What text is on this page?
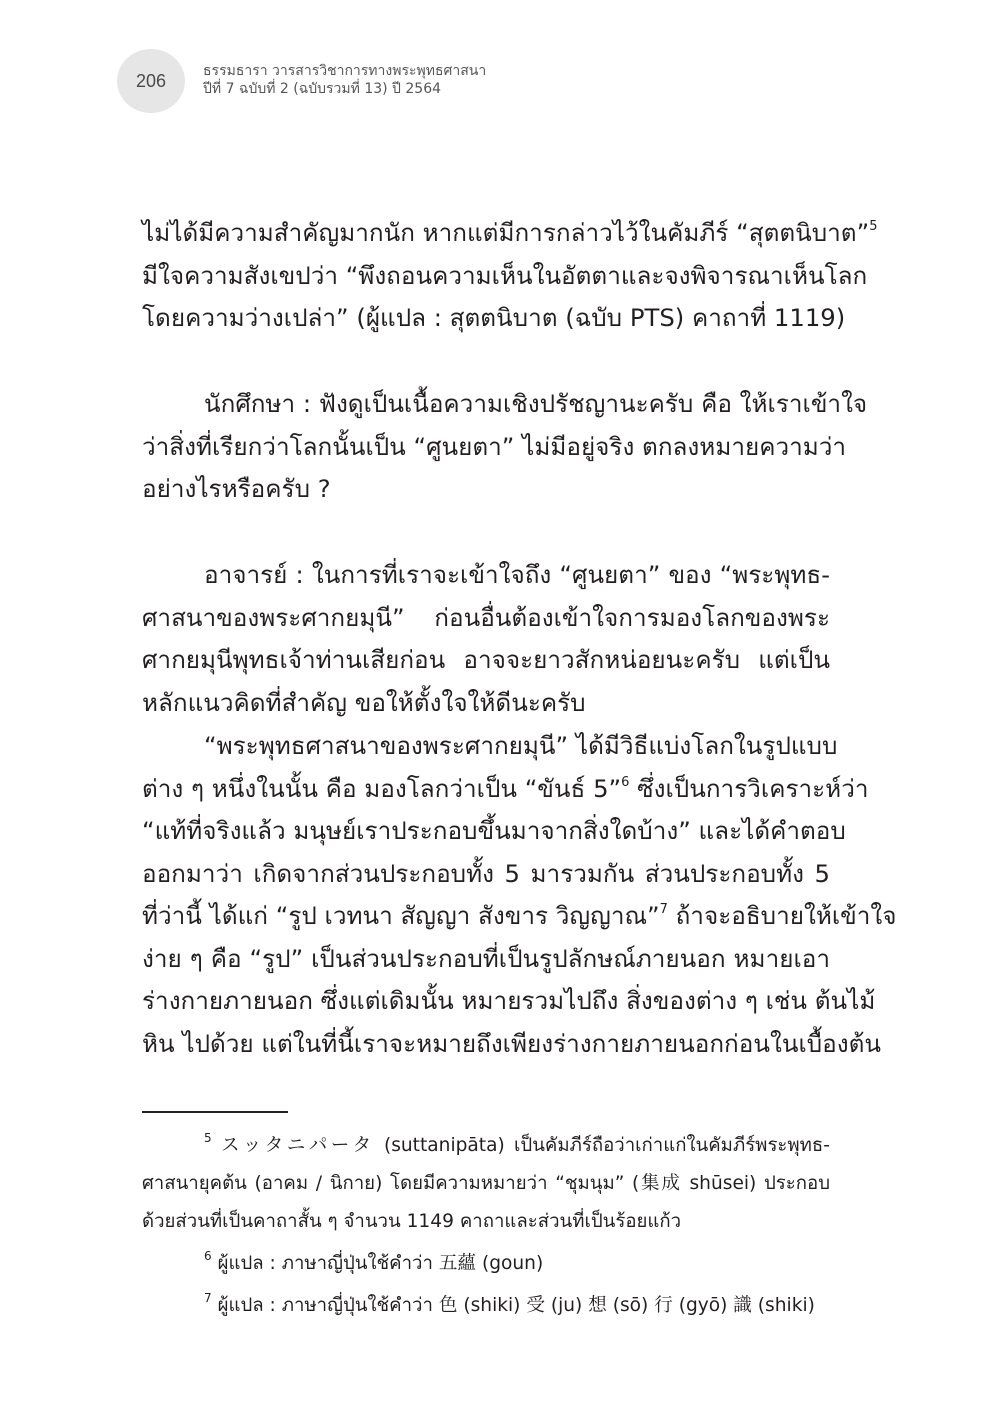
206	ธรรมธารา วารสารวิชาการทางพระพุทธศาสนา
ปีที่ 7 ฉบับที่ 2 (ฉบับรวมที่ 13) ปี 2564
ไม่ได้มีความสำคัญมากนัก หากแต่มีการกล่าวไว้ในคัมภีร์ “สุตตนิบาต”$^5$
มีใจความสังเขปว่า “พึงถอนความเห็นในอัตตาและจงพิจารณาเห็นโลก
โดยความว่างเปล่า” (ผู้แปล : สุตตนิบาต (ฉบับ PTS) คาถาที่ 1119)
นักศึกษา : ฟังดูเป็นเนื้อความเชิงปรัชญานะครับ คือ ให้เราเข้าใจ
ว่าสิ่งที่เรียกว่าโลกนั้นเป็น “ศูนยตา” ไม่มีอยู่จริง ตกลงหมายความว่า
อย่างไรหรือครับ ?
อาจารย์ : ในการที่เราจะเข้าใจถึง “ศูนยตา” ของ “พระพุทธ-
ศาสนาของพระศากยมุนี” ก่อนอื่นต้องเข้าใจการมองโลกของพระ
ศากยมุนีพุทธเจ้าท่านเสียก่อน อาจจะยาวสักหน่อยนะครับ แต่เป็น
หลักแนวคิดที่สำคัญ ขอให้ตั้งใจให้ดีนะครับ
“พระพุทธศาสนาของพระศากยมุนี” ได้มีวิธีแบ่งโลกในรูปแบบ
ต่าง ๆ หนึ่งในนั้น คือ มองโลกว่าเป็น “ขันธ์ 5”$^6$ ซึ่งเป็นการวิเคราะห์ว่า
“แท้ที่จริงแล้ว มนุษย์เราประกอบขึ้นมาจากสิ่งใดบ้าง” และได้คำตอบ
ออกมาว่า เกิดจากส่วนประกอบทั้ง 5 มารวมกัน ส่วนประกอบทั้ง 5
ที่ว่านี้ ได้แก่ “รูป เวทนา สัญญา สังขาร วิญญาณ”$^7$ ถ้าจะอธิบายให้เข้าใจ
ง่าย ๆ คือ “รูป” เป็นส่วนประกอบที่เป็นรูปลักษณ์ภายนอก หมายเอา
ร่างกายภายนอก ซึ่งแต่เดิมนั้น หมายรวมไปถึง สิ่งของต่าง ๆ เช่น ต้นไม้
หิน ไปด้วย แต่ในที่นี้เราจะหมายถึงเพียงร่างกายภายนอกก่อนในเบื้องต้น
$^5$ スッタニパータ (suttanipāta) เป็นคัมภีร์ถือว่าเก่าแก่ในคัมภีร์พระพุทธ-
ศาสนายุคต้น (อาคม / นิกาย) โดยมีความหมายว่า “ชุมนุม” (集成 shūsei) ประกอบ
ด้วยส่วนที่เป็นคาถาสั้น ๆ จำนวน 1149 คาถาและส่วนที่เป็นร้อยแก้ว
$^6$ ผู้แปล : ภาษาญี่ปุ่นใช้คำว่า 五蘊 (goun)
$^7$ ผู้แปล : ภาษาญี่ปุ่นใช้คำว่า 色 (shiki) 受 (ju) 想 (sō) 行 (gyō) 識 (shiki)
